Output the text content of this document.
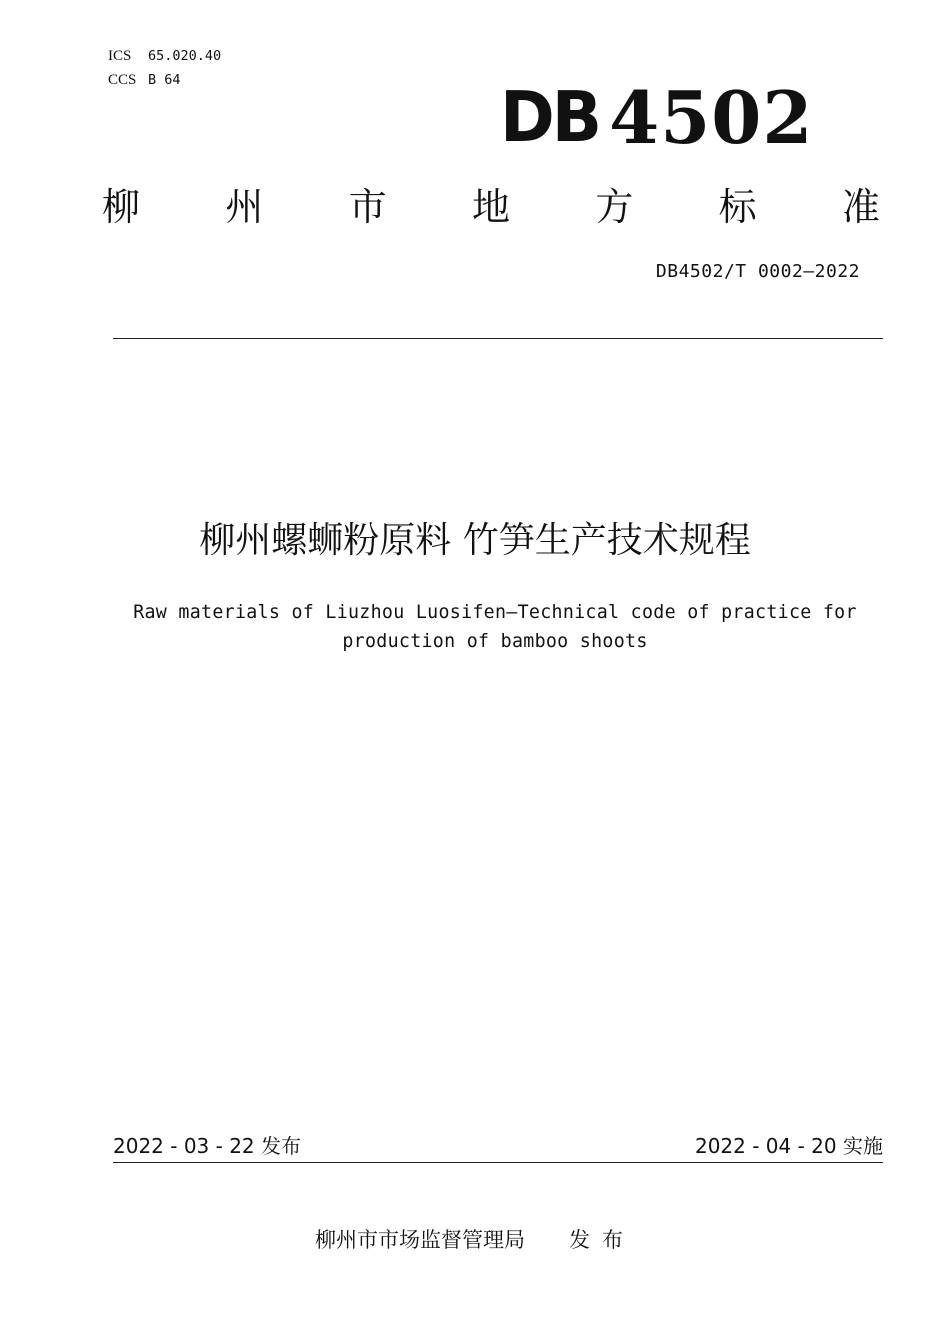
ICS	65.020.40
CCS B 64	DB 4502
柳 州 市 地 方 标 准
DB4502/T 0002—2022
柳州螺蛳粉原料 竹笋生产技术规程
Raw materials of Liuzhou Luosifen—Technical code of practice for
production of bamboo shoots
2022 - 03 - 22 发布	2022 - 04 - 20 实施
柳州市市场监督管理局 发布
